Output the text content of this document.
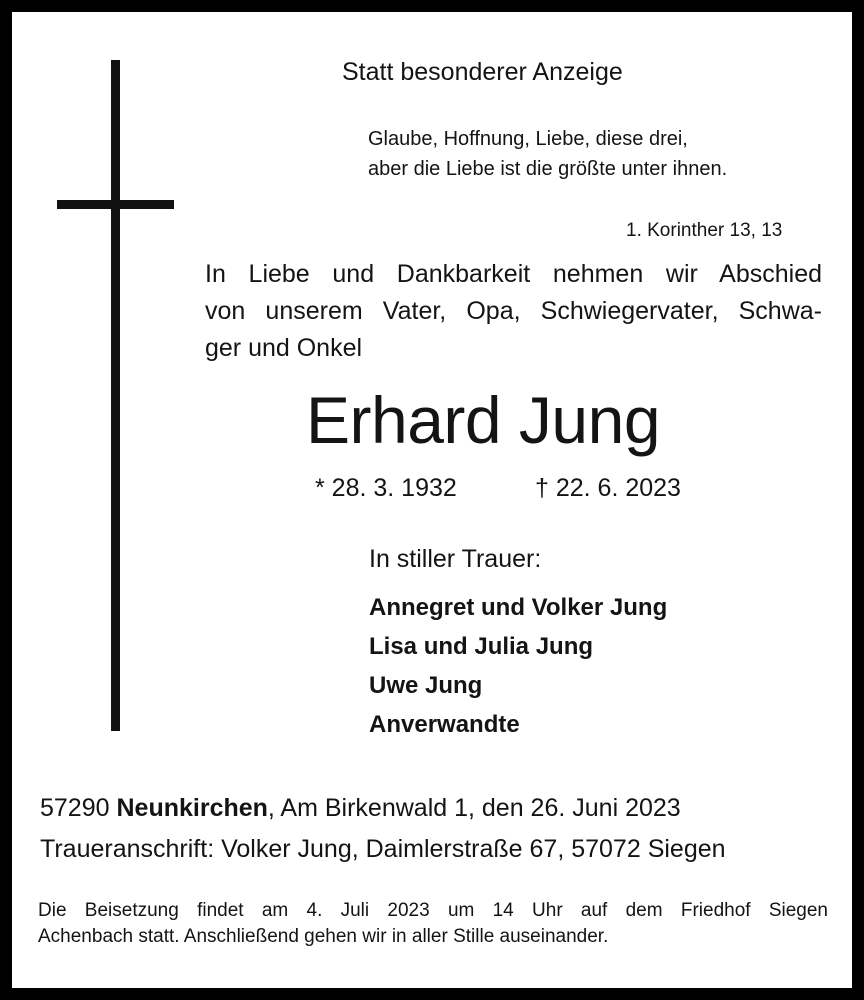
Statt besonderer Anzeige
Glaube, Hoffnung, Liebe, diese drei,
aber die Liebe ist die größte unter ihnen.
1. Korinther 13, 13
In Liebe und Dankbarkeit nehmen wir Abschied
von unserem Vater, Opa, Schwiegervater, Schwa-
ger und Onkel
Erhard Jung
* 28. 3. 1932	† 22. 6. 2023
In stiller Trauer:
Annegret und Volker Jung
Lisa und Julia Jung
Uwe Jung
Anverwandte
57290 Neunkirchen, Am Birkenwald 1, den 26. Juni 2023
Traueranschrift: Volker Jung, Daimlerstraße 67, 57072 Siegen
Die Beisetzung findet am 4. Juli 2023 um 14 Uhr auf dem Friedhof Siegen
Achenbach statt. Anschließend gehen wir in aller Stille auseinander.
